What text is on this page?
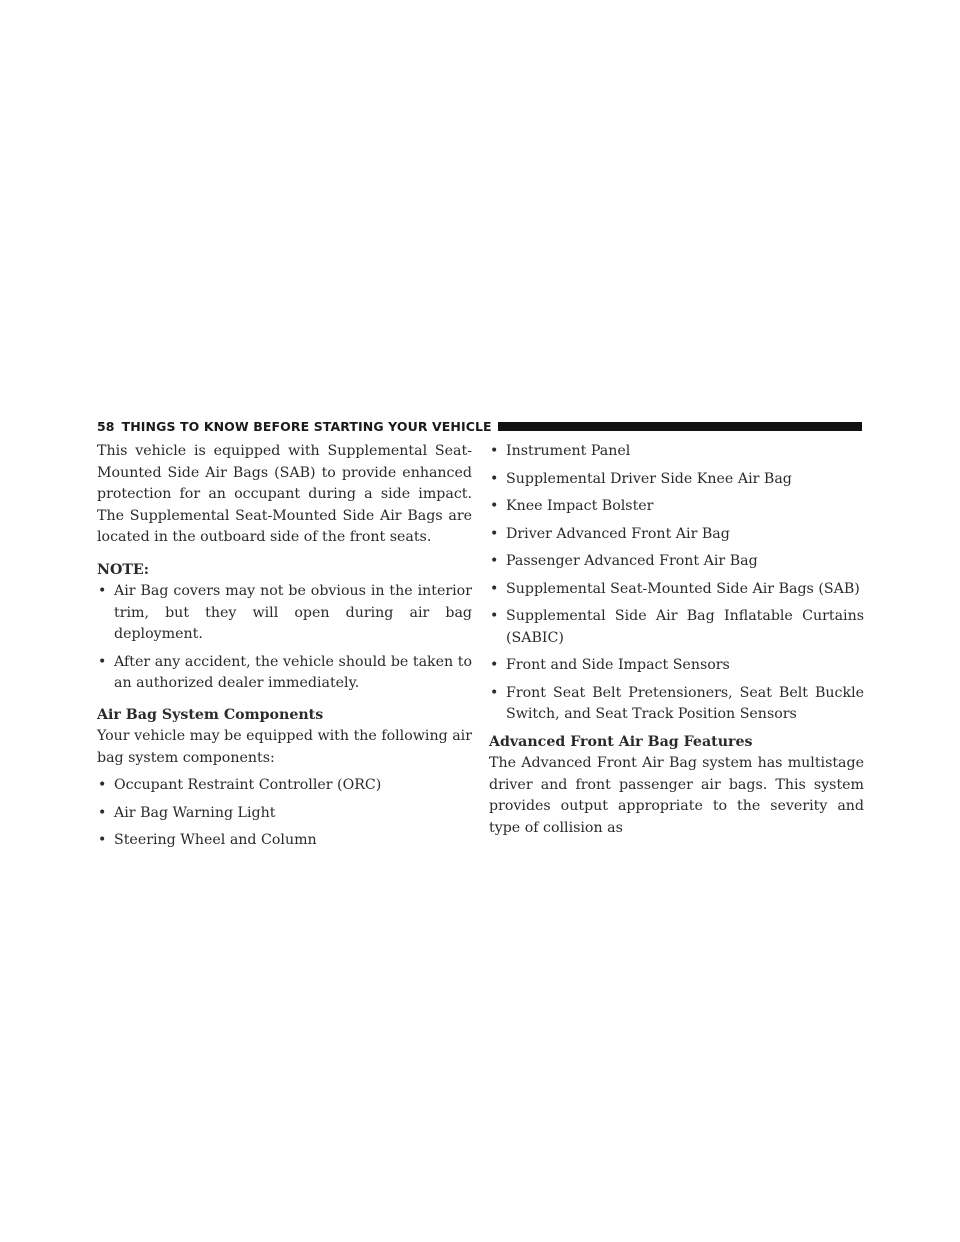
58 THINGS TO KNOW BEFORE STARTING YOUR VEHICLE

This vehicle is equipped with Supplemental Seat-Mounted Side Air Bags (SAB) to provide enhanced protection for an occupant during a side impact. The Supplemental Seat-Mounted Side Air Bags are located in the outboard side of the front seats.

NOTE:

• Air Bag covers may not be obvious in the interior trim, but they will open during air bag deployment.
• After any accident, the vehicle should be taken to an authorized dealer immediately.

Air Bag System Components

Your vehicle may be equipped with the following air bag system components:

• Occupant Restraint Controller (ORC)
• Air Bag Warning Light
• Steering Wheel and Column
• Instrument Panel
• Supplemental Driver Side Knee Air Bag
• Knee Impact Bolster
• Driver Advanced Front Air Bag
• Passenger Advanced Front Air Bag
• Supplemental Seat-Mounted Side Air Bags (SAB)
• Supplemental Side Air Bag Inflatable Curtains (SABIC)
• Front and Side Impact Sensors
• Front Seat Belt Pretensioners, Seat Belt Buckle Switch, and Seat Track Position Sensors

Advanced Front Air Bag Features

The Advanced Front Air Bag system has multistage driver and front passenger air bags. This system provides output appropriate to the severity and type of collision as
